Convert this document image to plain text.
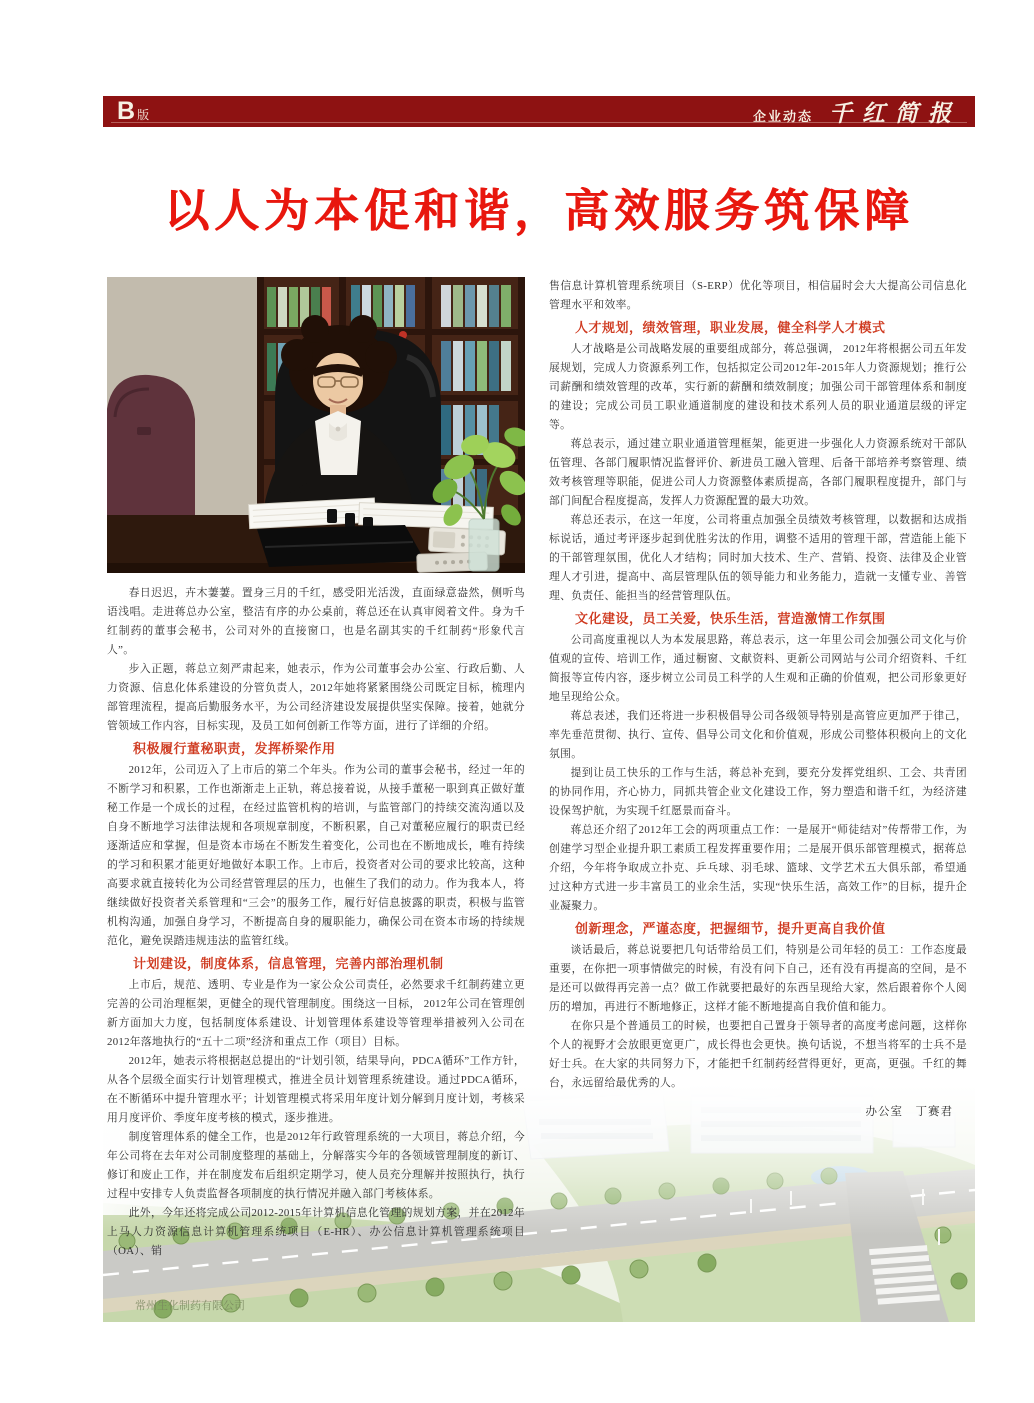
B 版	企业动态 千红简报
以人为本促和谐，高效服务筑保障

春日迟迟，卉木萋萋。置身三月的千红，感受阳光活泼，直面绿意盎然，侧听鸟语浅唱。走进蒋总办公室，整洁有序的办公桌前，蒋总还在认真审阅着文件。身为千红制药的董事会秘书，公司对外的直接窗口，也是名副其实的千红制药“形象代言人”。

步入正题，蒋总立刻严肃起来，她表示，作为公司董事会办公室、行政后勤、人力资源、信息化体系建设的分管负责人，2012年她将紧紧围绕公司既定目标，梳理内部管理流程，提高后勤服务水平，为公司经济建设发展提供坚实保障。接着，她就分管领域工作内容，目标实现，及员工如何创新工作等方面，进行了详细的介绍。

积极履行董秘职责，发挥桥梁作用

2012年，公司迈入了上市后的第二个年头。作为公司的董事会秘书，经过一年的不断学习和积累，工作也渐渐走上正轨，蒋总接着说，从接手董秘一职到真正做好董秘工作是一个成长的过程，在经过监管机构的培训，与监管部门的持续交流沟通以及自身不断地学习法律法规和各项规章制度，不断积累，自己对董秘应履行的职责已经逐渐适应和掌握，但是资本市场在不断发生着变化，公司也在不断地成长，唯有持续的学习和积累才能更好地做好本职工作。上市后，投资者对公司的要求比较高，这种高要求就直接转化为公司经营管理层的压力，也催生了我们的动力。作为我本人，将继续做好投资者关系管理和“三会”的服务工作，履行好信息披露的职责，积极与监管机构沟通，加强自身学习，不断提高自身的履职能力，确保公司在资本市场的持续规范化，避免误踏违规违法的监管红线。

计划建设，制度体系，信息管理，完善内部治理机制

上市后，规范、透明、专业是作为一家公众公司责任，必然要求千红制药建立更完善的公司治理框架，更健全的现代管理制度。围绕这一目标， 2012年公司在管理创新方面加大力度，包括制度体系建设、计划管理体系建设等管理举措被列入公司在2012年落地执行的“五十二项”经济和重点工作（项目）目标。

2012年，她表示将根据赵总提出的“计划引领，结果导向，PDCA循环”工作方针，从各个层级全面实行计划管理模式，推进全员计划管理系统建设。通过PDCA循环，在不断循环中提升管理水平；计划管理模式将采用年度计划分解到月度计划，考核采用月度评价、季度年度考核的模式，逐步推进。

制度管理体系的健全工作，也是2012年行政管理系统的一大项目，蒋总介绍，今年公司将在去年对公司制度整理的基础上，分解落实今年的各领域管理制度的新订、修订和废止工作，并在制度发布后组织定期学习，使人员充分理解并按照执行，执行过程中安排专人负责监督各项制度的执行情况并融入部门考核体系。

此外，今年还将完成公司2012-2015年计算机信息化管理的规划方案，并在2012年上马人力资源信息计算机管理系统项目（E-HR）、办公信息计算机管理系统项目（OA）、销

售信息计算机管理系统项目（S-ERP）优化等项目，相信届时会大大提高公司信息化管理水平和效率。

人才规划，绩效管理，职业发展，健全科学人才模式

人才战略是公司战略发展的重要组成部分，蒋总强调， 2012年将根据公司五年发展规划，完成人力资源系列工作，包括拟定公司2012年-2015年人力资源规划；推行公司薪酬和绩效管理的改革，实行新的薪酬和绩效制度；加强公司干部管理体系和制度的建设；完成公司员工职业通道制度的建设和技术系列人员的职业通道层级的评定等。

蒋总表示，通过建立职业通道管理框架，能更进一步强化人力资源系统对干部队伍管理、各部门履职情况监督评价、新进员工融入管理、后备干部培养考察管理、绩效考核管理等职能，促进公司人力资源整体素质提高，各部门履职程度提升，部门与部门间配合程度提高，发挥人力资源配置的最大功效。

蒋总还表示，在这一年度，公司将重点加强全员绩效考核管理，以数据和达成指标说话，通过考评逐步起到优胜劣汰的作用，调整不适用的管理干部，营造能上能下的干部管理氛围，优化人才结构；同时加大技术、生产、营销、投资、法律及企业管理人才引进，提高中、高层管理队伍的领导能力和业务能力，造就一支懂专业、善管理、负责任、能担当的经营管理队伍。

文化建设，员工关爱，快乐生活，营造激情工作氛围

公司高度重视以人为本发展思路，蒋总表示，这一年里公司会加强公司文化与价值观的宣传、培训工作，通过橱窗、文献资料、更新公司网站与公司介绍资料、千红简报等宣传内容，逐步树立公司员工科学的人生观和正确的价值观，把公司形象更好地呈现给公众。

蒋总表述，我们还将进一步积极倡导公司各级领导特别是高管应更加严于律己，率先垂范贯彻、执行、宣传、倡导公司文化和价值观，形成公司整体积极向上的文化氛围。

提到让员工快乐的工作与生活，蒋总补充到，要充分发挥党组织、工会、共青团的协同作用，齐心协力，同抓共管企业文化建设工作，努力塑造和谐千红，为经济建设保驾护航，为实现千红愿景而奋斗。

蒋总还介绍了2012年工会的两项重点工作：一是展开“师徒结对”传帮带工作，为创建学习型企业提升职工素质工程发挥重要作用；二是展开俱乐部管理模式，据蒋总介绍，今年将争取成立扑克、乒乓球、羽毛球、篮球、文学艺术五大俱乐部，希望通过这种方式进一步丰富员工的业余生活，实现“快乐生活，高效工作”的目标，提升企业凝聚力。

创新理念，严谨态度，把握细节，提升更高自我价值

谈话最后，蒋总说要把几句话带给员工们，特别是公司年轻的员工：工作态度最重要，在你把一项事情做完的时候，有没有问下自己，还有没有再提高的空间，是不是还可以做得再完善一点？做工作就要把最好的东西呈现给大家，然后跟着你个人阅历的增加，再进行不断地修正，这样才能不断地提高自我价值和能力。

在你只是个普通员工的时候，也要把自己置身于领导者的高度考虑问题，这样你个人的视野才会放眼更宽更广，成长得也会更快。换句话说，不想当将军的士兵不是好士兵。在大家的共同努力下，才能把千红制药经营得更好，更高，更强。千红的舞台，永远留给最优秀的人。

办公室　丁赛君
常州生化制药有限公司
